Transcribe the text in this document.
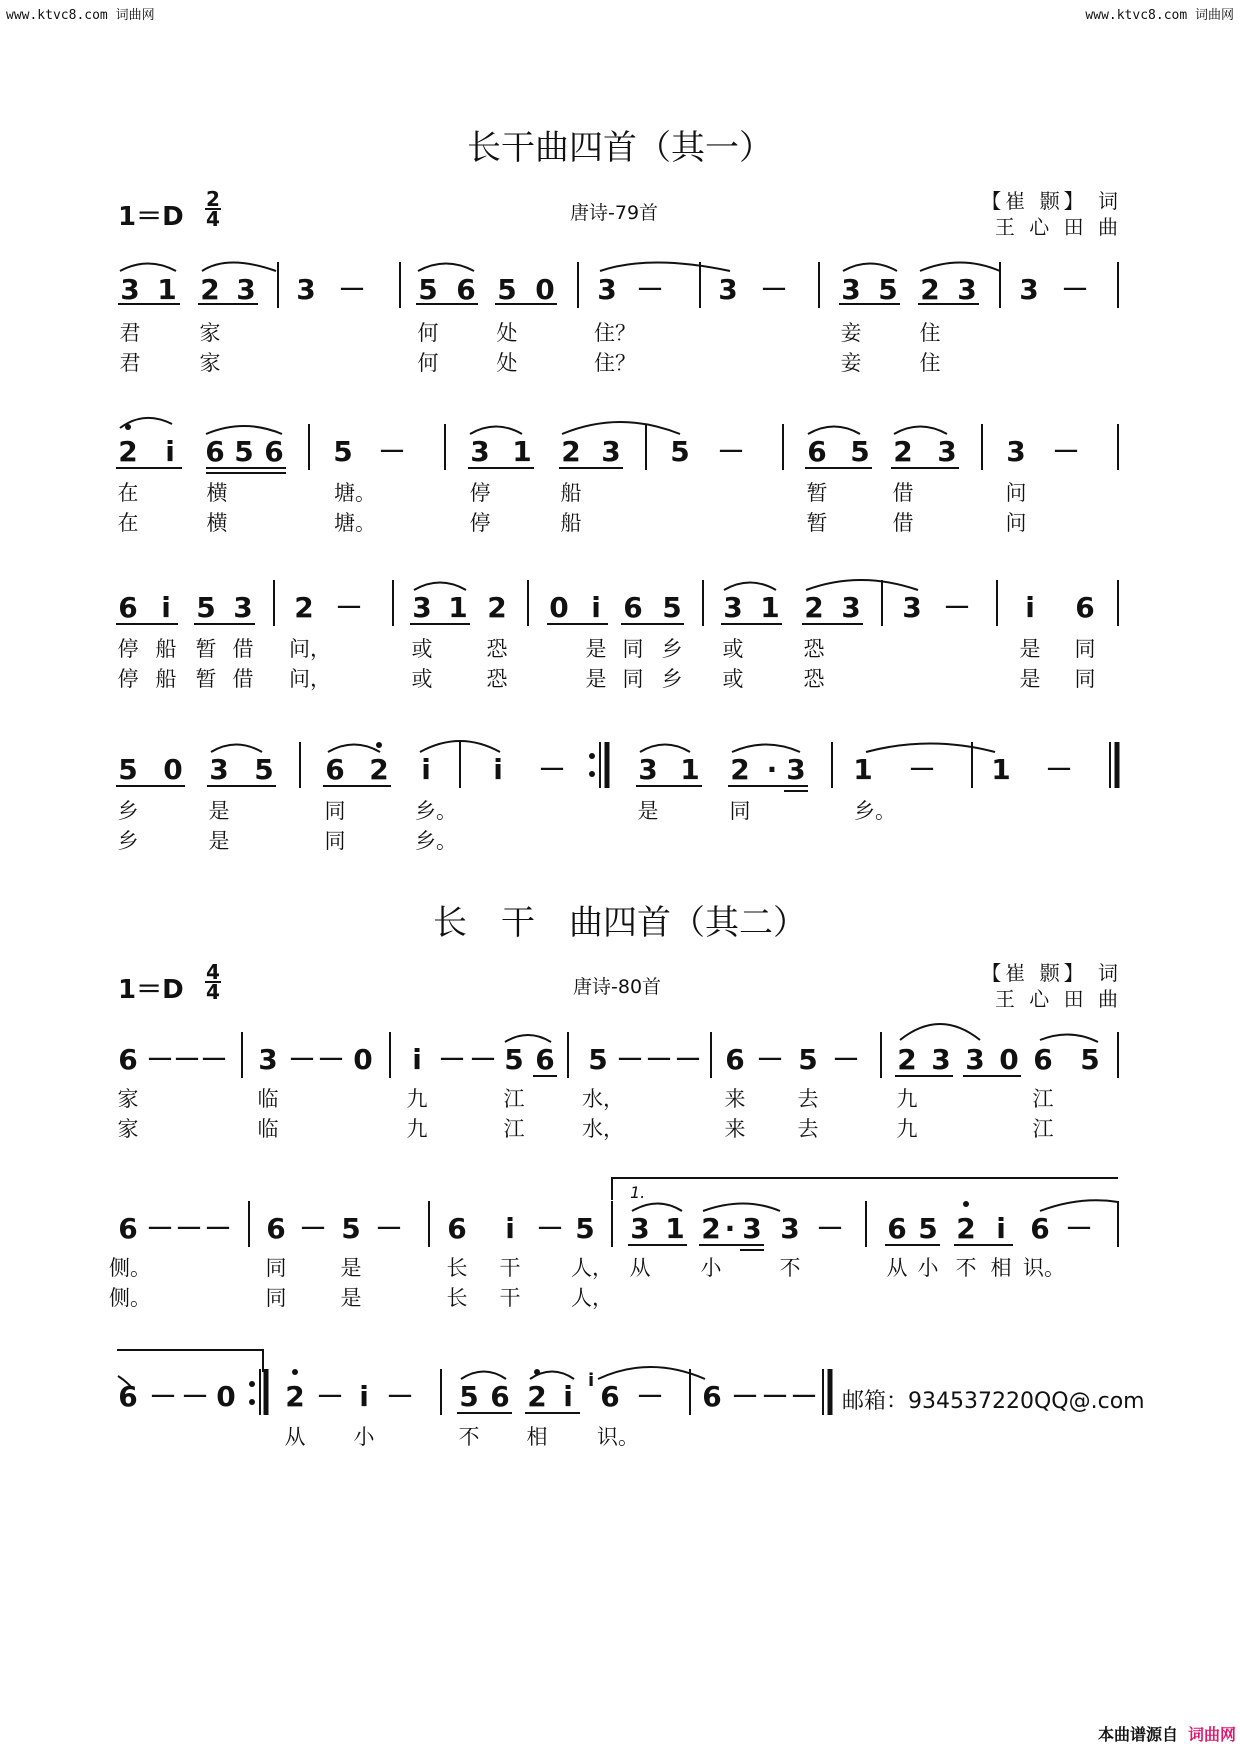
www.ktvc8.com 词曲网	www.ktvc8.com 词曲网
长干曲四首（其一）
$1=D \frac{2}{4}$	唐诗-79首	【崔 颢】 词
王 心 田 曲
3 1 2 3 3 － 5 6 5 0 3 － 3 － 3 5 2 3 3 －
君	家	何	处	住？	妾	住
君	家	何	处	住？	妾	住
2 i 6 5 6 5 － 3 1 2 3 5 － 6 5 2 3 3 －
在	横	塘。	停	船	暂	借	问
在	横	塘。	停	船	暂	借	问
6 i 5 3 2 － 3 1 2 0 i 6 5 3 1 2 3 3 － i 6
停 船 暂 借 问，	或	恐	是 同 乡 或	恐	是 同
停 船 暂 借 问，	或	恐	是 同 乡 或	恐	是 同
5 0 3 5 6 2 i i －	3 1 2 · 3 1 － 1 －
乡	是	同	乡。	是	同	乡。
乡	是	同	乡。
长　干　曲四首（其二）
$1=D \frac{4}{4}$	唐诗-80首
【崔 颢】 词
王 心 田 曲
6 －
－
－ 3 － － 0 i － － 5 6 5 － － － 6 － 5 － 2 3 3 0 6 5
家	临	九	江	水，	来 去	九	江
家	临	九	江	水，	来 去	九	江
1.
6 － － － 6 － 5 － 6 i － 5 3 1 2 · 3 3 － 6 5 2 i 6 －
侧。	同	是	长 干 人， 从 小	不	从 小 不 相 识。
侧。	同	是	长 干 人，
6 － － 0 2 － i － 5 6 2 i 6 － 6 － － －
i
邮箱：934537220QQ@.com
从 小	不 相 识。
本曲谱源自 词曲网
